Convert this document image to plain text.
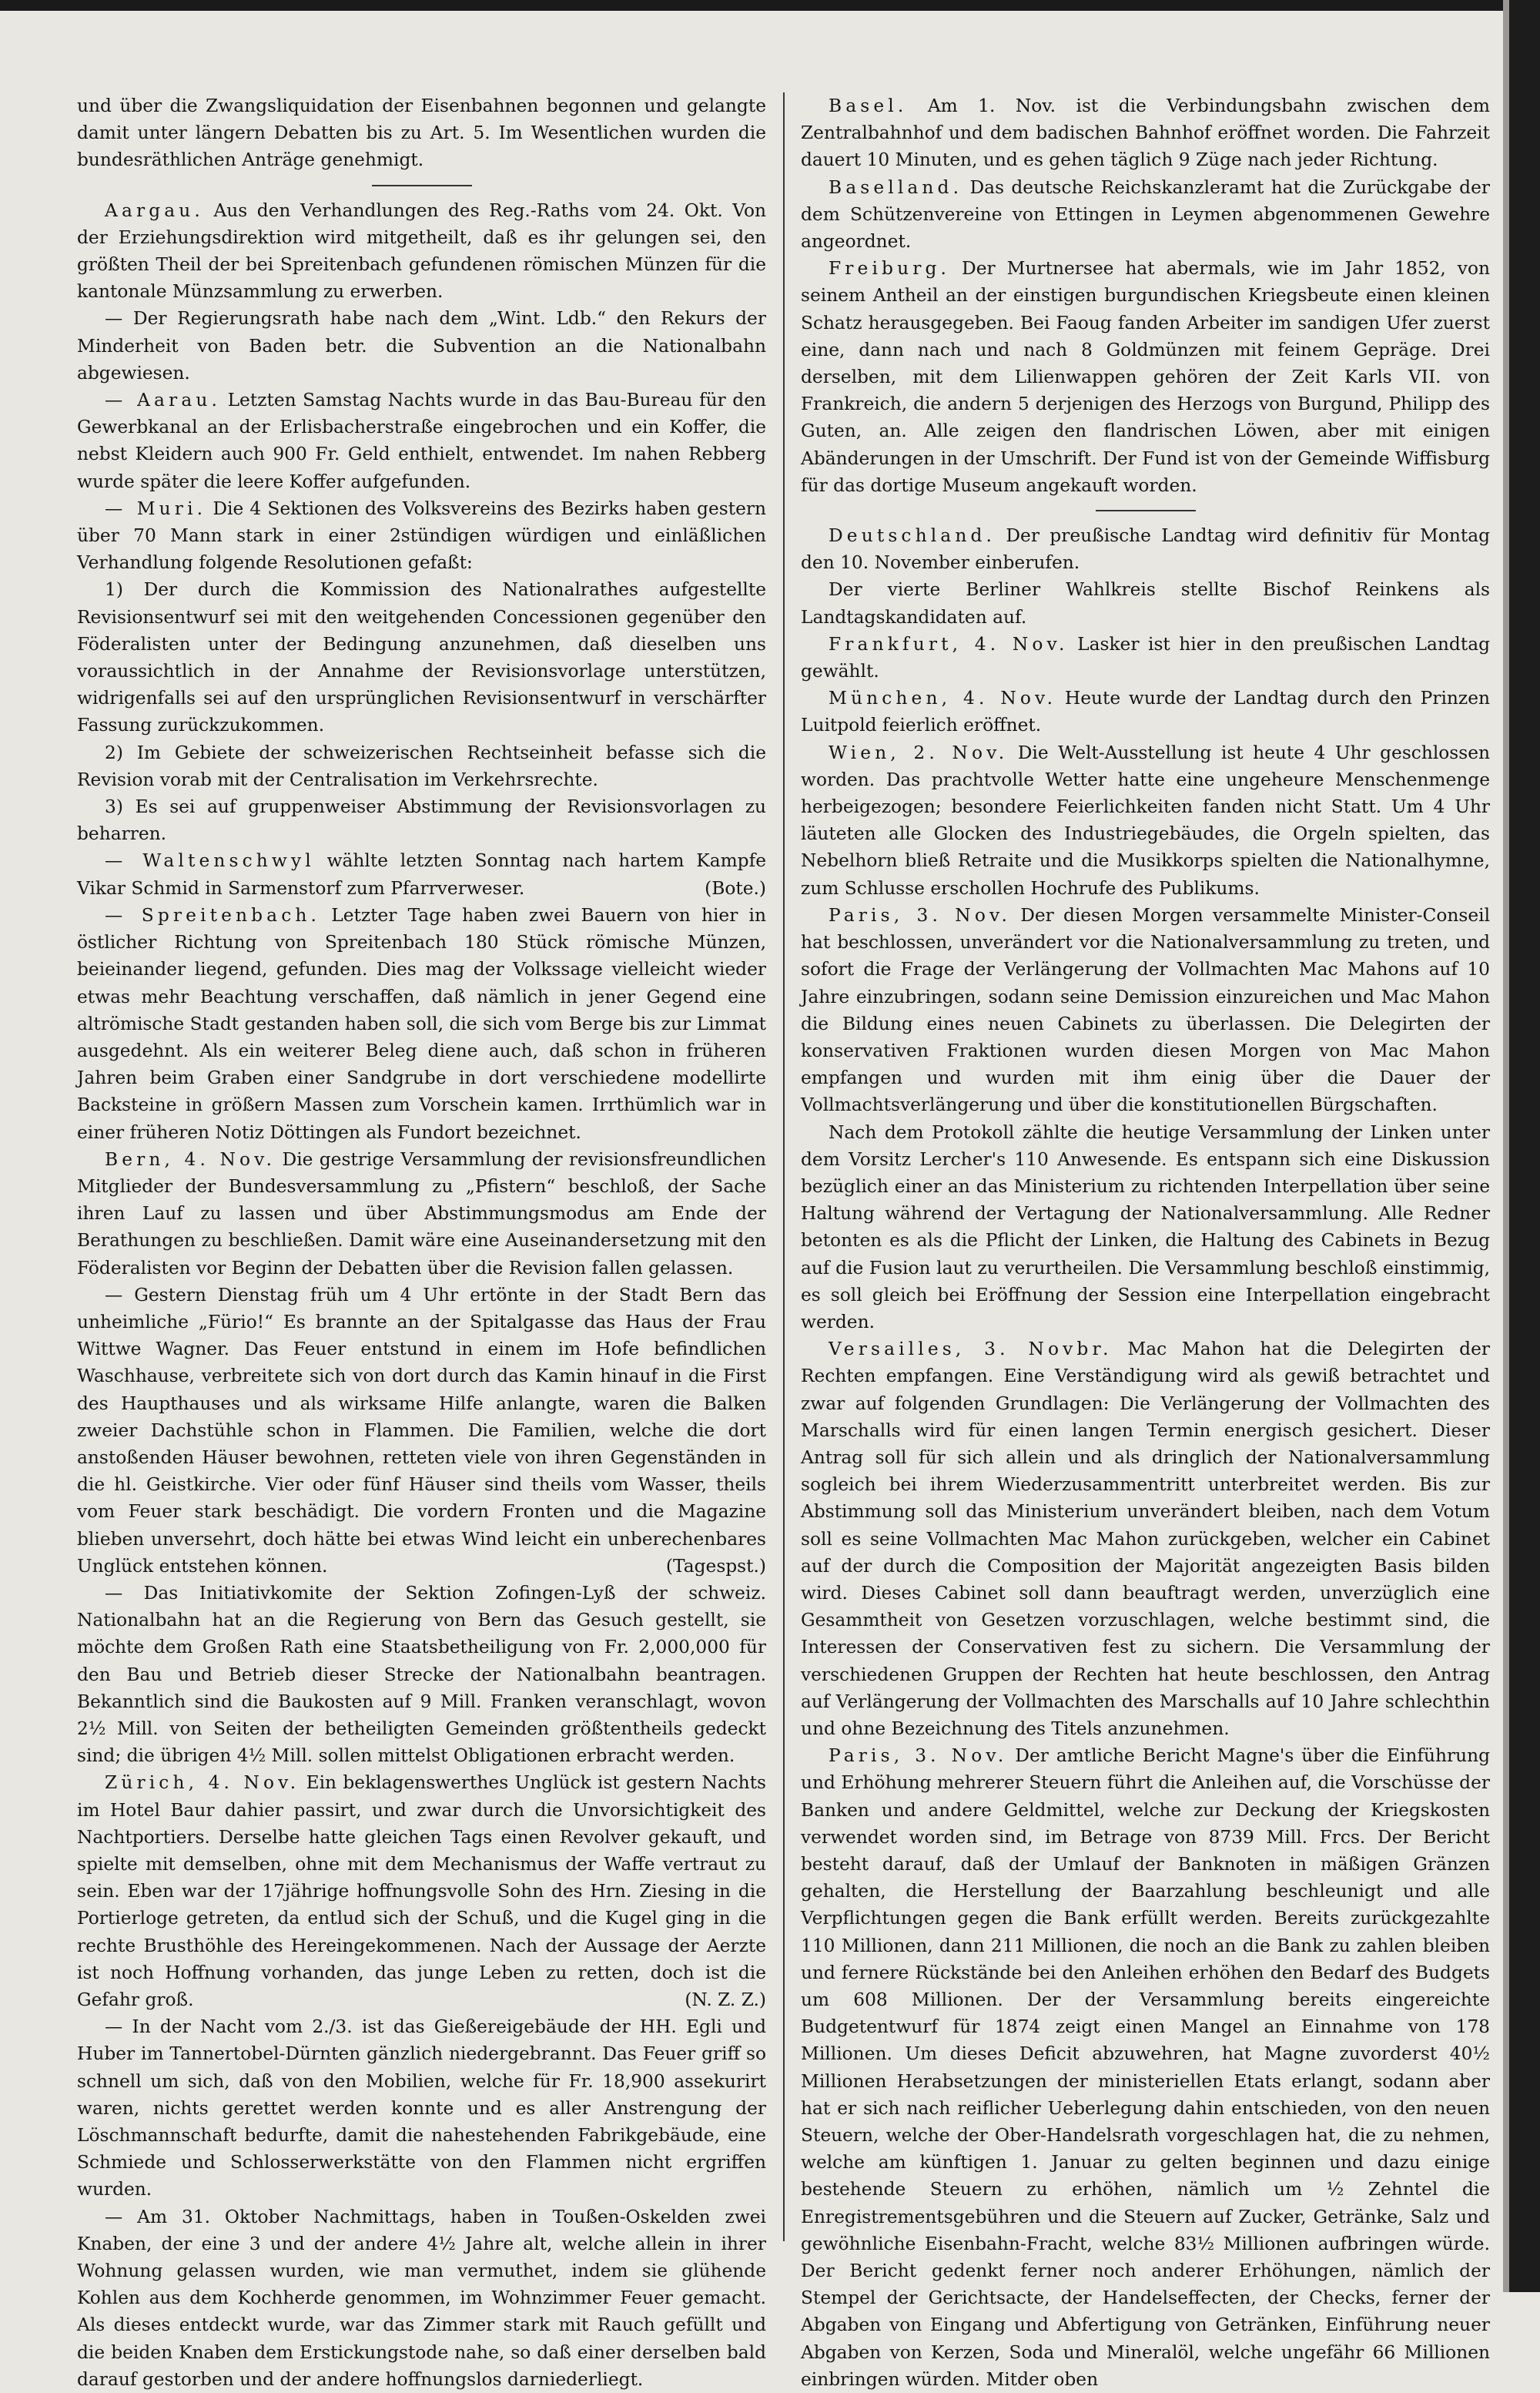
und über die Zwangsliquidation der Eisenbahnen begonnen und gelangte damit unter längern Debatten bis zu Art. 5. Im Wesentlichen wurden die bundesräthlichen Anträge genehmigt.

Aargau. Aus den Verhandlungen des Reg.-Raths vom 24. Okt. Von der Erziehungsdirektion wird mitgetheilt, daß es ihr gelungen sei, den größten Theil der bei Spreitenbach gefundenen römischen Münzen für die kantonale Münzsammlung zu erwerben.

— Der Regierungsrath habe nach dem „Wint. Ldb.“ den Rekurs der Minderheit von Baden betr. die Subvention an die Nationalbahn abgewiesen.

— Aarau. Letzten Samstag Nachts wurde in das Bau-Bureau für den Gewerbkanal an der Erlisbacherstraße eingebrochen und ein Koffer, die nebst Kleidern auch 900 Fr. Geld enthielt, entwendet. Im nahen Rebberg wurde später die leere Koffer aufgefunden.

— Muri. Die 4 Sektionen des Volksvereins des Bezirks haben gestern über 70 Mann stark in einer 2stündigen würdigen und einläßlichen Verhandlung folgende Resolutionen gefaßt:

1) Der durch die Kommission des Nationalrathes aufgestellte Revisionsentwurf sei mit den weitgehenden Concessionen gegenüber den Föderalisten unter der Bedingung anzunehmen, daß dieselben uns voraussichtlich in der Annahme der Revisionsvorlage unterstützen, widrigenfalls sei auf den ursprünglichen Revisionsentwurf in verschärfter Fassung zurückzukommen.

2) Im Gebiete der schweizerischen Rechtseinheit befasse sich die Revision vorab mit der Centralisation im Verkehrsrechte.

3) Es sei auf gruppenweiser Abstimmung der Revisionsvorlagen zu beharren.

— Waltenschwyl wählte letzten Sonntag nach hartem Kampfe Vikar Schmid in Sarmenstorf zum Pfarrverweser.	(Bote.)

— Spreitenbach. Letzter Tage haben zwei Bauern von hier in östlicher Richtung von Spreitenbach 180 Stück römische Münzen, beieinander liegend, gefunden. Dies mag der Volkssage vielleicht wieder etwas mehr Beachtung verschaffen, daß nämlich in jener Gegend eine altrömische Stadt gestanden haben soll, die sich vom Berge bis zur Limmat ausgedehnt. Als ein weiterer Beleg diene auch, daß schon in früheren Jahren beim Graben einer Sandgrube in dort verschiedene modellirte Backsteine in größern Massen zum Vorschein kamen. Irrthümlich war in einer früheren Notiz Döttingen als Fundort bezeichnet.

Bern, 4. Nov. Die gestrige Versammlung der revisionsfreundlichen Mitglieder der Bundesversammlung zu „Pfistern“ beschloß, der Sache ihren Lauf zu lassen und über Abstimmungsmodus am Ende der Berathungen zu beschließen. Damit wäre eine Auseinandersetzung mit den Föderalisten vor Beginn der Debatten über die Revision fallen gelassen.

— Gestern Dienstag früh um 4 Uhr ertönte in der Stadt Bern das unheimliche „Fürio!“ Es brannte an der Spitalgasse das Haus der Frau Wittwe Wagner. Das Feuer entstund in einem im Hofe befindlichen Waschhause, verbreitete sich von dort durch das Kamin hinauf in die First des Haupthauses und als wirksame Hilfe anlangte, waren die Balken zweier Dachstühle schon in Flammen. Die Familien, welche die dort anstoßenden Häuser bewohnen, retteten viele von ihren Gegenständen in die hl. Geistkirche. Vier oder fünf Häuser sind theils vom Wasser, theils vom Feuer stark beschädigt. Die vordern Fronten und die Magazine blieben unversehrt, doch hätte bei etwas Wind leicht ein unberechenbares Unglück entstehen können.	(Tagespst.)

— Das Initiativkomite der Sektion Zofingen-Lyß der schweiz. Nationalbahn hat an die Regierung von Bern das Gesuch gestellt, sie möchte dem Großen Rath eine Staatsbetheiligung von Fr. 2,000,000 für den Bau und Betrieb dieser Strecke der Nationalbahn beantragen. Bekanntlich sind die Baukosten auf 9 Mill. Franken veranschlagt, wovon 2½ Mill. von Seiten der betheiligten Gemeinden größtentheils gedeckt sind; die übrigen 4½ Mill. sollen mittelst Obligationen erbracht werden.

Zürich, 4. Nov. Ein beklagenswerthes Unglück ist gestern Nachts im Hotel Baur dahier passirt, und zwar durch die Unvorsichtigkeit des Nachtportiers. Derselbe hatte gleichen Tags einen Revolver gekauft, und spielte mit demselben, ohne mit dem Mechanismus der Waffe vertraut zu sein. Eben war der 17jährige hoffnungsvolle Sohn des Hrn. Ziesing in die Portierloge getreten, da entlud sich der Schuß, und die Kugel ging in die rechte Brusthöhle des Hereingekommenen. Nach der Aussage der Aerzte ist noch Hoffnung vorhanden, das junge Leben zu retten, doch ist die Gefahr groß.	(N. Z. Z.)

— In der Nacht vom 2./3. ist das Gießereigebäude der HH. Egli und Huber im Tannertobel-Dürnten gänzlich niedergebrannt. Das Feuer griff so schnell um sich, daß von den Mobilien, welche für Fr. 18,900 assekurirt waren, nichts gerettet werden konnte und es aller Anstrengung der Löschmannschaft bedurfte, damit die nahestehenden Fabrikgebäude, eine Schmiede und Schlosserwerkstätte von den Flammen nicht ergriffen wurden.

— Am 31. Oktober Nachmittags, haben in Toußen-Oskelden zwei Knaben, der eine 3 und der andere 4½ Jahre alt, welche allein in ihrer Wohnung gelassen wurden, wie man vermuthet, indem sie glühende Kohlen aus dem Kochherde genommen, im Wohnzimmer Feuer gemacht. Als dieses entdeckt wurde, war das Zimmer stark mit Rauch gefüllt und die beiden Knaben dem Erstickungstode nahe, so daß einer derselben bald darauf gestorben und der andere hoffnungslos darniederliegt.

Basel. Am 1. Nov. ist die Verbindungsbahn zwischen dem Zentralbahnhof und dem badischen Bahnhof eröffnet worden. Die Fahrzeit dauert 10 Minuten, und es gehen täglich 9 Züge nach jeder Richtung.

Baselland. Das deutsche Reichskanzleramt hat die Zurückgabe der dem Schützenvereine von Ettingen in Leymen abgenommenen Gewehre angeordnet.

Freiburg. Der Murtnersee hat abermals, wie im Jahr 1852, von seinem Antheil an der einstigen burgundischen Kriegsbeute einen kleinen Schatz herausgegeben. Bei Faoug fanden Arbeiter im sandigen Ufer zuerst eine, dann nach und nach 8 Goldmünzen mit feinem Gepräge. Drei derselben, mit dem Lilienwappen gehören der Zeit Karls VII. von Frankreich, die andern 5 derjenigen des Herzogs von Burgund, Philipp des Guten, an. Alle zeigen den flandrischen Löwen, aber mit einigen Abänderungen in der Umschrift. Der Fund ist von der Gemeinde Wiffisburg für das dortige Museum angekauft worden.

Deutschland. Der preußische Landtag wird definitiv für Montag den 10. November einberufen.

Der vierte Berliner Wahlkreis stellte Bischof Reinkens als Landtagskandidaten auf.

Frankfurt, 4. Nov. Lasker ist hier in den preußischen Landtag gewählt.

München, 4. Nov. Heute wurde der Landtag durch den Prinzen Luitpold feierlich eröffnet.

Wien, 2. Nov. Die Welt-Ausstellung ist heute 4 Uhr geschlossen worden. Das prachtvolle Wetter hatte eine ungeheure Menschenmenge herbeigezogen; besondere Feierlichkeiten fanden nicht Statt. Um 4 Uhr läuteten alle Glocken des Industriegebäudes, die Orgeln spielten, das Nebelhorn bließ Retraite und die Musikkorps spielten die Nationalhymne, zum Schlusse erschollen Hochrufe des Publikums.

Paris, 3. Nov. Der diesen Morgen versammelte Minister-Conseil hat beschlossen, unverändert vor die Nationalversammlung zu treten, und sofort die Frage der Verlängerung der Vollmachten Mac Mahons auf 10 Jahre einzubringen, sodann seine Demission einzureichen und Mac Mahon die Bildung eines neuen Cabinets zu überlassen. Die Delegirten der konservativen Fraktionen wurden diesen Morgen von Mac Mahon empfangen und wurden mit ihm einig über die Dauer der Vollmachtsverlängerung und über die konstitutionellen Bürgschaften.

Nach dem Protokoll zählte die heutige Versammlung der Linken unter dem Vorsitz Lercher's 110 Anwesende. Es entspann sich eine Diskussion bezüglich einer an das Ministerium zu richtenden Interpellation über seine Haltung während der Vertagung der Nationalversammlung. Alle Redner betonten es als die Pflicht der Linken, die Haltung des Cabinets in Bezug auf die Fusion laut zu verurtheilen. Die Versammlung beschloß einstimmig, es soll gleich bei Eröffnung der Session eine Interpellation eingebracht werden.

Versailles, 3. Novbr. Mac Mahon hat die Delegirten der Rechten empfangen. Eine Verständigung wird als gewiß betrachtet und zwar auf folgenden Grundlagen: Die Verlängerung der Vollmachten des Marschalls wird für einen langen Termin energisch gesichert. Dieser Antrag soll für sich allein und als dringlich der Nationalversammlung sogleich bei ihrem Wiederzusammentritt unterbreitet werden. Bis zur Abstimmung soll das Ministerium unverändert bleiben, nach dem Votum soll es seine Vollmachten Mac Mahon zurückgeben, welcher ein Cabinet auf der durch die Composition der Majorität angezeigten Basis bilden wird. Dieses Cabinet soll dann beauftragt werden, unverzüglich eine Gesammtheit von Gesetzen vorzuschlagen, welche bestimmt sind, die Interessen der Conservativen fest zu sichern. Die Versammlung der verschiedenen Gruppen der Rechten hat heute beschlossen, den Antrag auf Verlängerung der Vollmachten des Marschalls auf 10 Jahre schlechthin und ohne Bezeichnung des Titels anzunehmen.

Paris, 3. Nov. Der amtliche Bericht Magne's über die Einführung und Erhöhung mehrerer Steuern führt die Anleihen auf, die Vorschüsse der Banken und andere Geldmittel, welche zur Deckung der Kriegskosten verwendet worden sind, im Betrage von 8739 Mill. Frcs. Der Bericht besteht darauf, daß der Umlauf der Banknoten in mäßigen Gränzen gehalten, die Herstellung der Baarzahlung beschleunigt und alle Verpflichtungen gegen die Bank erfüllt werden. Bereits zurückgezahlte 110 Millionen, dann 211 Millionen, die noch an die Bank zu zahlen bleiben und fernere Rückstände bei den Anleihen erhöhen den Bedarf des Budgets um 608 Millionen. Der der Versammlung bereits eingereichte Budgetentwurf für 1874 zeigt einen Mangel an Einnahme von 178 Millionen. Um dieses Deficit abzuwehren, hat Magne zuvorderst 40½ Millionen Herabsetzungen der ministeriellen Etats erlangt, sodann aber hat er sich nach reiflicher Ueberlegung dahin entschieden, von den neuen Steuern, welche der Ober-Handelsrath vorgeschlagen hat, die zu nehmen, welche am künftigen 1. Januar zu gelten beginnen und dazu einige bestehende Steuern zu erhöhen, nämlich um ½ Zehntel die Enregistrementsgebühren und die Steuern auf Zucker, Getränke, Salz und gewöhnliche Eisenbahn-Fracht, welche 83½ Millionen aufbringen würde. Der Bericht gedenkt ferner noch anderer Erhöhungen, nämlich der Stempel der Gerichtsacte, der Handelseffecten, der Checks, ferner der Abgaben von Eingang und Abfertigung von Getränken, Einführung neuer Abgaben von Kerzen, Soda und Mineralöl, welche ungefähr 66 Millionen einbringen würden. Mitder oben
